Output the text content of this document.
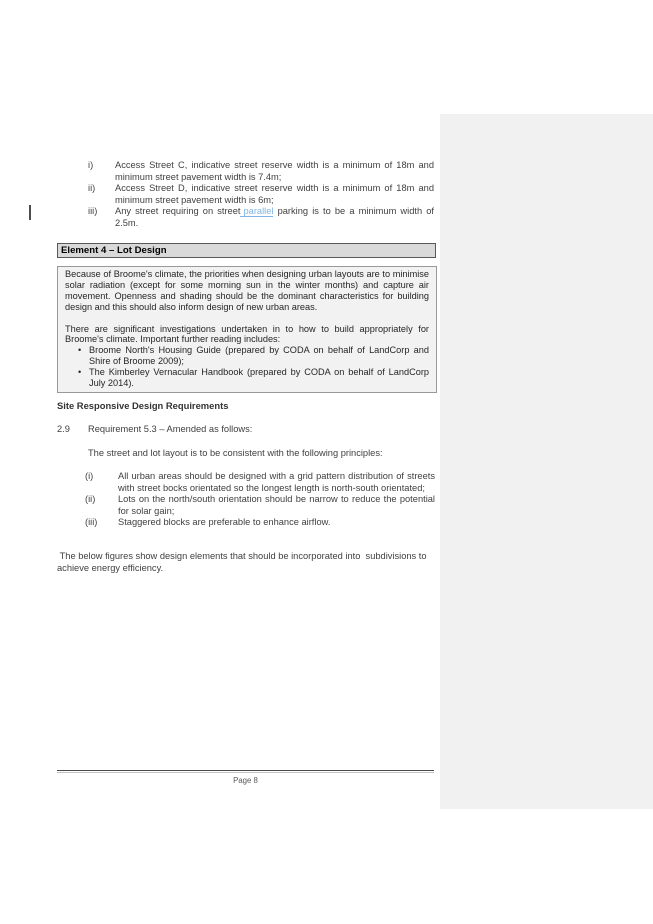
i)	Access Street C, indicative street reserve width is a minimum of 18m and minimum street pavement width is 7.4m;
ii)	Access Street D, indicative street reserve width is a minimum of 18m and minimum street pavement width is 6m;
iii)	Any street requiring on street parallel parking is to be a minimum width of 2.5m.
Element 4 – Lot Design

Because of Broome's climate, the priorities when designing urban layouts are to minimise solar radiation (except for some morning sun in the winter months) and capture air movement. Openness and shading should be the dominant characteristics for building design and this should also inform design of new urban areas.

There are significant investigations undertaken in to how to build appropriately for Broome's climate. Important further reading includes:

• Broome North's Housing Guide (prepared by CODA on behalf of LandCorp and Shire of Broome 2009);
• The Kimberley Vernacular Handbook (prepared by CODA on behalf of LandCorp July 2014).
Site Responsive Design Requirements
2.9	Requirement 5.3 – Amended as follows:
The street and lot layout is to be consistent with the following principles:
(i)	All urban areas should be designed with a grid pattern distribution of streets with street bocks orientated so the longest length is north-south orientated;
(ii)	Lots on the north/south orientation should be narrow to reduce the potential for solar gain;
(iii)	Staggered blocks are preferable to enhance airflow.
The below figures show design elements that should be incorporated into  subdivisions to achieve energy efficiency.
Page 8
